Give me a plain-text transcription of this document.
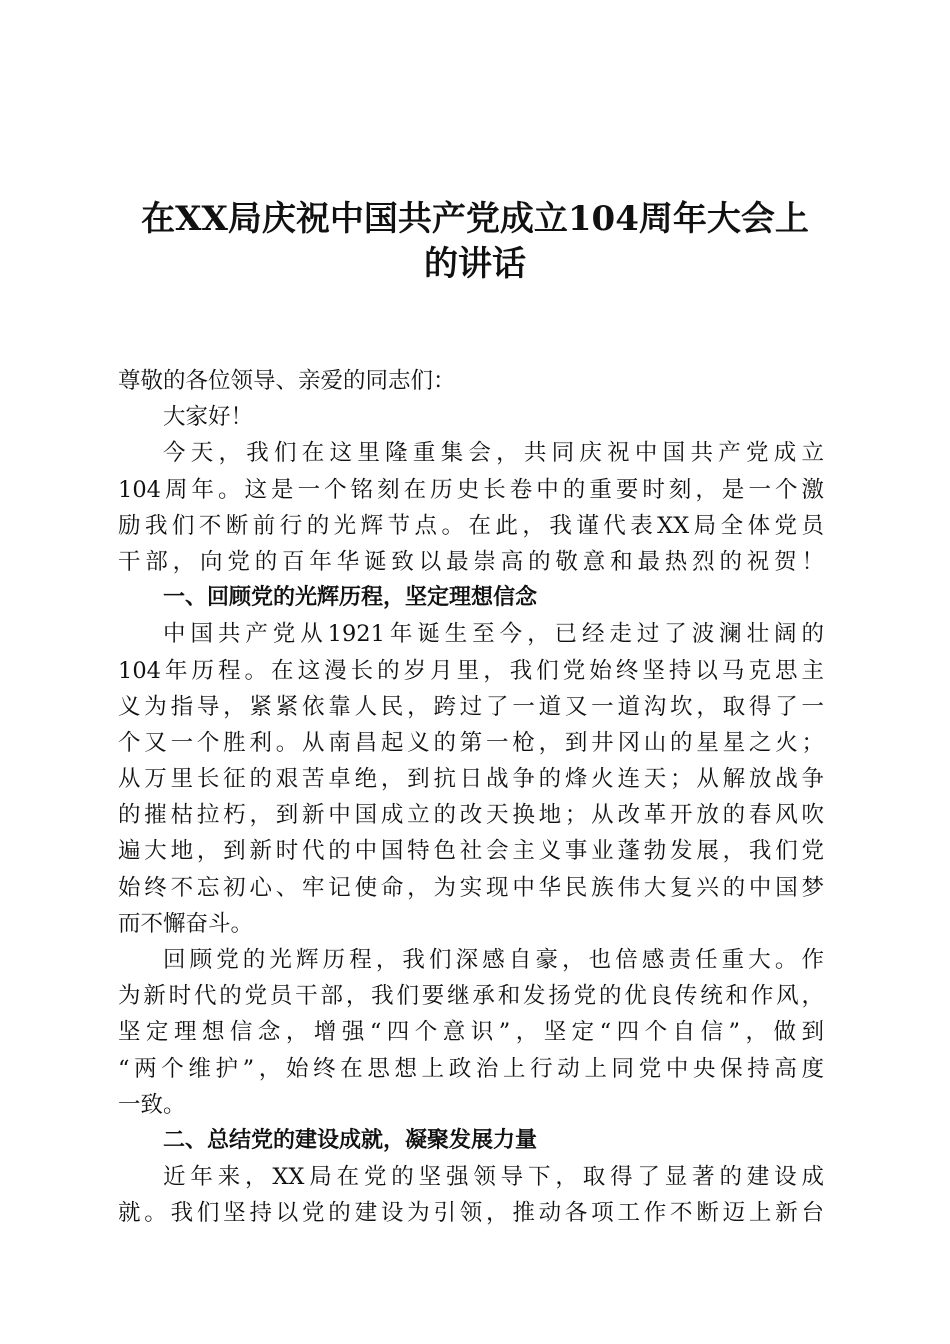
在XX局庆祝中国共产党成立104周年大会上
的讲话
尊敬的各位领导、亲爱的同志们：
大家好！
今天，我们在这里隆重集会，共同庆祝中国共产党成立
104周年。这是一个铭刻在历史长卷中的重要时刻，是一个激
励我们不断前行的光辉节点。在此，我谨代表XX局全体党员
干部，向党的百年华诞致以最崇高的敬意和最热烈的祝贺！
一、回顾党的光辉历程，坚定理想信念
中国共产党从1921年诞生至今，已经走过了波澜壮阔的
104年历程。在这漫长的岁月里，我们党始终坚持以马克思主
义为指导，紧紧依靠人民，跨过了一道又一道沟坎，取得了一
个又一个胜利。从南昌起义的第一枪，到井冈山的星星之火；
从万里长征的艰苦卓绝，到抗日战争的烽火连天；从解放战争
的摧枯拉朽，到新中国成立的改天换地；从改革开放的春风吹
遍大地，到新时代的中国特色社会主义事业蓬勃发展，我们党
始终不忘初心、牢记使命，为实现中华民族伟大复兴的中国梦
而不懈奋斗。
回顾党的光辉历程，我们深感自豪，也倍感责任重大。作
为新时代的党员干部，我们要继承和发扬党的优良传统和作风，
坚定理想信念，增强“四个意识”，坚定“四个自信”，做到
“两个维护”，始终在思想上政治上行动上同党中央保持高度
一致。
二、总结党的建设成就，凝聚发展力量
近年来，XX局在党的坚强领导下，取得了显著的建设成
就。我们坚持以党的建设为引领，推动各项工作不断迈上新台
